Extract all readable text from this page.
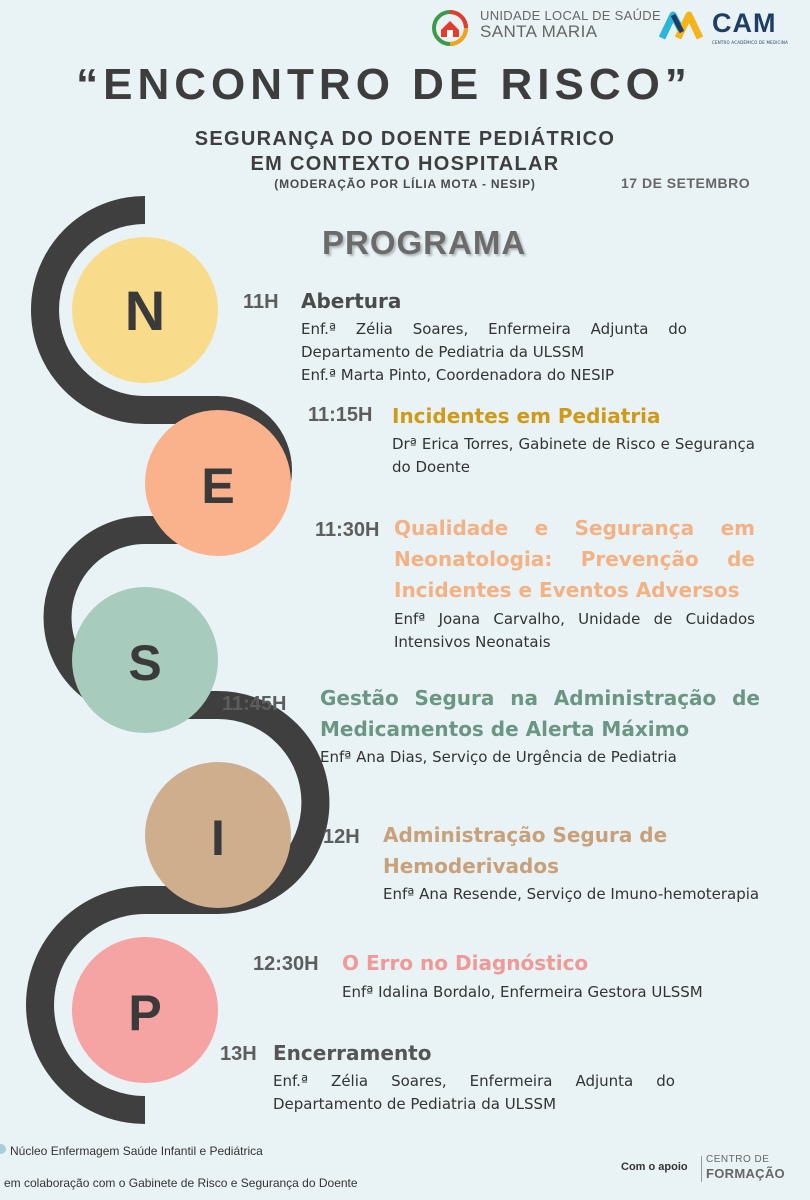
UNIDADE LOCAL DE SAÚDE
SANTA MARIA	CAM
CENTRO ACADÉMICO DE MEDICINA
“ENCONTRO DE RISCO”
SEGURANÇA DO DOENTE PEDIÁTRICO
EM CONTEXTO HOSPITALAR
(MODERAÇÃO POR LÍLIA MOTA - NESIP)	17 DE SETEMBRO
PROGRAMA
N
E
S
I
P
11H Abertura
Enf.ª Zélia Soares, Enfermeira Adjunta do Departamento de Pediatria da ULSSM
Enf.ª Marta Pinto, Coordenadora do NESIP
11:15H Incidentes em Pediatria
Drª Erica Torres, Gabinete de Risco e Segurança do Doente
11:30H Qualidade e Segurança em Neonatologia: Prevenção de Incidentes e Eventos Adversos
Enfª Joana Carvalho, Unidade de Cuidados Intensivos Neonatais
11:45H Gestão Segura na Administração de Medicamentos de Alerta Máximo
Enfª Ana Dias, Serviço de Urgência de Pediatria
12H Administração Segura de Hemoderivados
Enfª Ana Resende, Serviço de Imuno-hemoterapia
12:30H O Erro no Diagnóstico
Enfª Idalina Bordalo, Enfermeira Gestora ULSSM
13H Encerramento
Enf.ª Zélia Soares, Enfermeira Adjunta do Departamento de Pediatria da ULSSM
Núcleo Enfermagem Saúde Infantil e Pediátrica
em colaboração com o Gabinete de Risco e Segurança do Doente
Com o apoio
CENTRO DE
FORMAÇÃO
